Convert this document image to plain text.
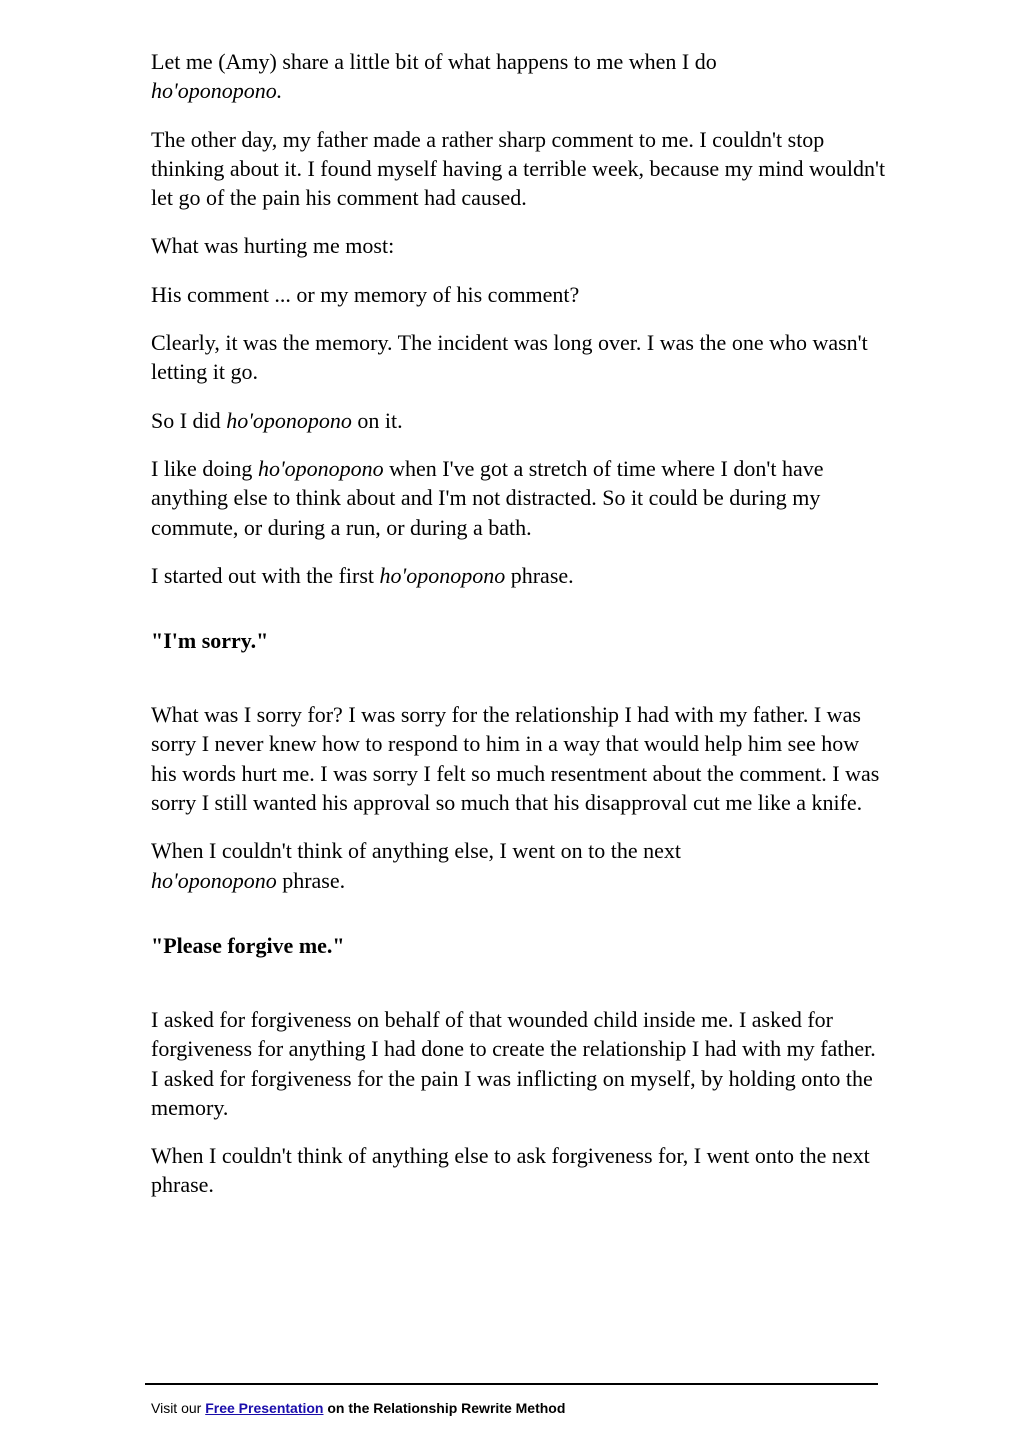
Let me (Amy) share a little bit of what happens to me when I do
ho'oponopono.

The other day, my father made a rather sharp comment to me. I couldn't stop thinking about it. I found myself having a terrible week, because my mind wouldn't let go of the pain his comment had caused.

What was hurting me most:

His comment ... or my memory of his comment?

Clearly, it was the memory. The incident was long over. I was the one who wasn't letting it go.

So I did ho'oponopono on it.

I like doing ho'oponopono when I've got a stretch of time where I don't have anything else to think about and I'm not distracted. So it could be during my commute, or during a run, or during a bath.

I started out with the first ho'oponopono phrase.

"I'm sorry."

What was I sorry for? I was sorry for the relationship I had with my father. I was sorry I never knew how to respond to him in a way that would help him see how his words hurt me. I was sorry I felt so much resentment about the comment. I was sorry I still wanted his approval so much that his disapproval cut me like a knife.

When I couldn't think of anything else, I went on to the next
ho'oponopono phrase.

"Please forgive me."

I asked for forgiveness on behalf of that wounded child inside me. I asked for forgiveness for anything I had done to create the relationship I had with my father. I asked for forgiveness for the pain I was inflicting on myself, by holding onto the memory.

When I couldn't think of anything else to ask forgiveness for, I went onto the next phrase.

Visit our Free Presentation on the Relationship Rewrite Method
